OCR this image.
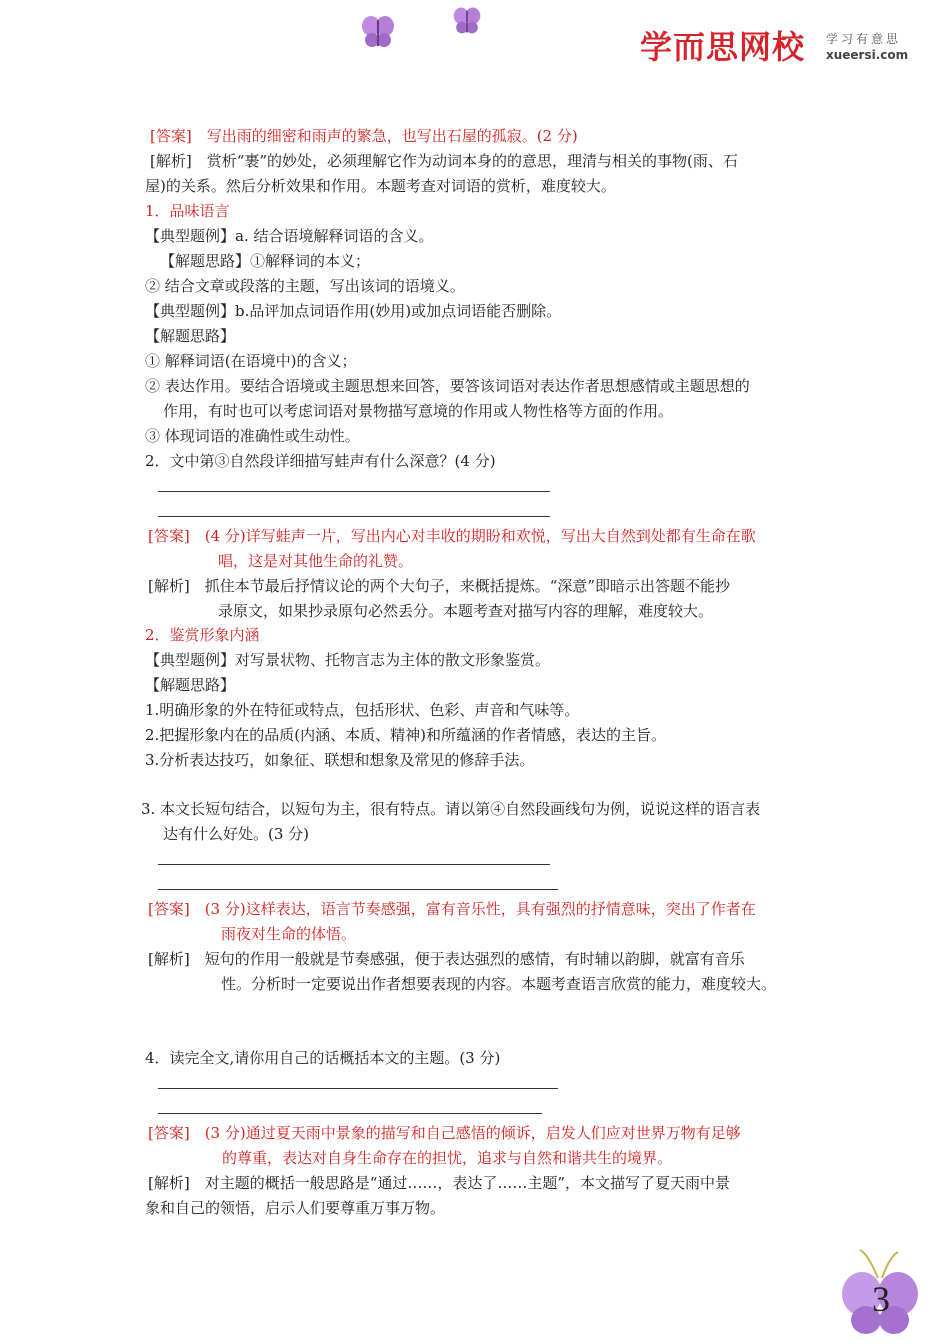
学而思网校 学习有意思
xueersi.com
[答案]　写出雨的细密和雨声的繁急，也写出石屋的孤寂。(2 分)
[解析]　赏析“裹”的妙处，必须理解它作为动词本身的的意思，理清与相关的事物(雨、石
屋)的关系。然后分析效果和作用。本题考查对词语的赏析，难度较大。
1．品味语言
【典型题例】a. 结合语境解释词语的含义。
【解题思路】①解释词的本义；
② 结合文章或段落的主题，写出该词的语境义。
【典型题例】b.品评加点词语作用(妙用)或加点词语能否删除。
【解题思路】
① 解释词语(在语境中)的含义；
② 表达作用。要结合语境或主题思想来回答，要答该词语对表达作者思想感情或主题思想的
作用，有时也可以考虑词语对景物描写意境的作用或人物性格等方面的作用。
③ 体现词语的准确性或生动性。
2．文中第③自然段详细描写蛙声有什么深意？(4 分)
[答案]　(4 分)详写蛙声一片，写出内心对丰收的期盼和欢悦，写出大自然到处都有生命在歌
唱，这是对其他生命的礼赞。
[解析]　抓住本节最后抒情议论的两个大句子，来概括提炼。“深意”即暗示出答题不能抄
录原文，如果抄录原句必然丢分。本题考查对描写内容的理解，难度较大。
2．鉴赏形象内涵
【典型题例】对写景状物、托物言志为主体的散文形象鉴赏。
【解题思路】
1.明确形象的外在特征或特点，包括形状、色彩、声音和气味等。
2.把握形象内在的品质(内涵、本质、精神)和所蕴涵的作者情感，表达的主旨。
3.分析表达技巧，如象征、联想和想象及常见的修辞手法。
3. 本文长短句结合，以短句为主，很有特点。请以第④自然段画线句为例，说说这样的语言表
达有什么好处。(3 分)
[答案]　(3 分)这样表达，语言节奏感强，富有音乐性，具有强烈的抒情意味，突出了作者在
雨夜对生命的体悟。
[解析]　短句的作用一般就是节奏感强，便于表达强烈的感情，有时辅以韵脚，就富有音乐
性。分析时一定要说出作者想要表现的内容。本题考查语言欣赏的能力，难度较大。
4．读完全文,请你用自己的话概括本文的主题。(3 分)
[答案]　(3 分)通过夏天雨中景象的描写和自己感悟的倾诉，启发人们应对世界万物有足够
的尊重，表达对自身生命存在的担忧，追求与自然和谐共生的境界。
[解析]　对主题的概括一般思路是“通过……，表达了……主题”，本文描写了夏天雨中景
象和自己的领悟，启示人们要尊重万事万物。
3
